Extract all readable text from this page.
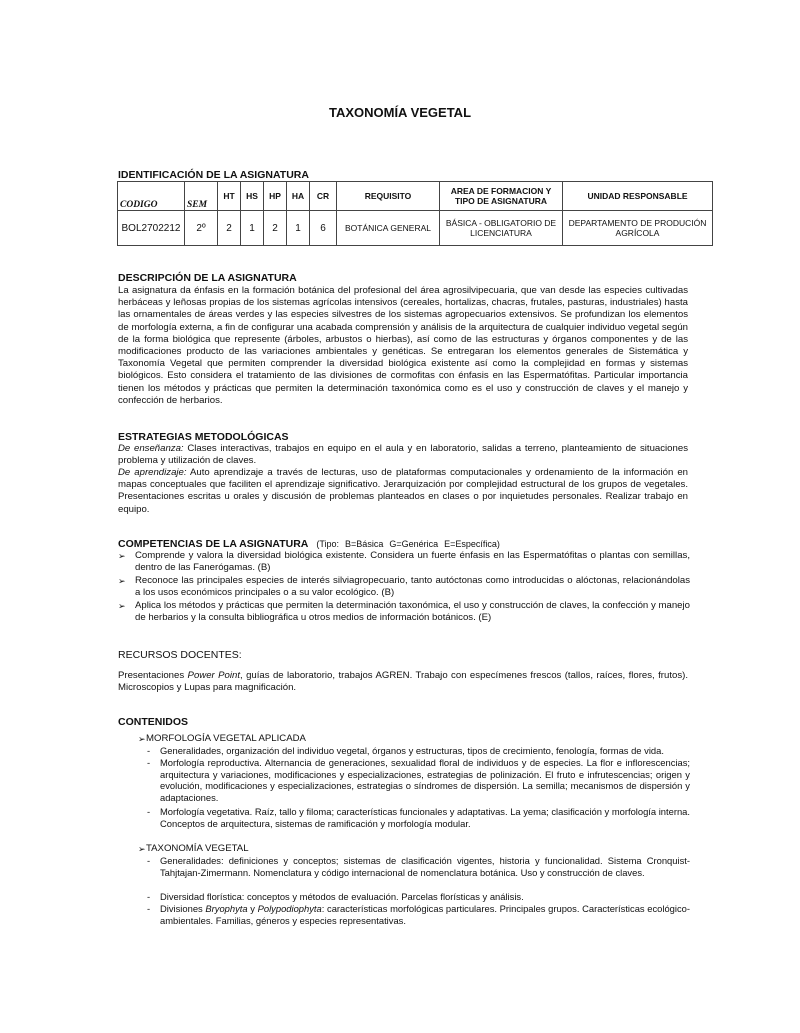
TAXONOMÍA VEGETAL
IDENTIFICACIÓN DE LA ASIGNATURA
CODIGO	SEM	HT	HS	HP	HA	CR	REQUISITO	AREA DE FORMACION Y TIPO DE ASIGNATURA	UNIDAD RESPONSABLE
BOL2702212	2º	2	1	2	1	6	BOTÁNICA GENERAL	BÁSICA - OBLIGATORIO DE LICENCIATURA	DEPARTAMENTO DE PRODUCIÓN AGRÍCOLA
DESCRIPCIÓN DE LA ASIGNATURA

La asignatura da énfasis en la formación botánica del profesional del área agrosilvipecuaria, que van desde las especies cultivadas herbáceas y leñosas propias de los sistemas agrícolas intensivos (cereales, hortalizas, chacras, frutales, pasturas, industriales) hasta las ornamentales de áreas verdes y las especies silvestres de los sistemas agropecuarios extensivos. Se profundizan los elementos de morfología externa, a fin de configurar una acabada comprensión y análisis de la arquitectura de cualquier individuo vegetal según de la forma biológica que represente (árboles, arbustos o hierbas), así como de las estructuras y órganos componentes y de las modificaciones producto de las variaciones ambientales y genéticas. Se entregaran los elementos generales de Sistemática y Taxonomía Vegetal que permiten comprender la diversidad biológica existente así como la complejidad en formas y sistemas biológicos. Esto considera el tratamiento de las divisiones de cormofitas con énfasis en las Espermatófitas. Particular importancia tienen los métodos y prácticas que permiten la determinación taxonómica como es el uso y construcción de claves y el manejo y confección de herbarios.

ESTRATEGIAS METODOLÓGICAS

De enseñanza: Clases interactivas, trabajos en equipo en el aula y en laboratorio, salidas a terreno, planteamiento de situaciones problema y utilización de claves.

De aprendizaje: Auto aprendizaje a través de lecturas, uso de plataformas computacionales y ordenamiento de la información en mapas conceptuales que faciliten el aprendizaje significativo. Jerarquización por complejidad estructural de los grupos de vegetales. Presentaciones escritas u orales y discusión de problemas planteados en clases o por inquietudes personales. Realizar trabajo en equipo.

COMPETENCIAS DE LA ASIGNATURA (Tipo: B=Básica G=Genérica E=Específica)
➢ Comprende y valora la diversidad biológica existente. Considera un fuerte énfasis en las Espermatófitas o plantas con semillas, dentro de las Fanerógamas. (B)
➢ Reconoce las principales especies de interés silviagropecuario, tanto autóctonas como introducidas o alóctonas, relacionándolas a los usos económicos principales o a su valor ecológico. (B)
➢ Aplica los métodos y prácticas que permiten la determinación taxonómica, el uso y construcción de claves, la confección y manejo de herbarios y la consulta bibliográfica u otros medios de información botánicos. (E)
RECURSOS DOCENTES:

Presentaciones Power Point, guías de laboratorio, trabajos AGREN. Trabajo con especímenes frescos (tallos, raíces, flores, frutos). Microscopios y Lupas para magnificación.

CONTENIDOS
➢ MORFOLOGÍA VEGETAL APLICADA
- Generalidades, organización del individuo vegetal, órganos y estructuras, tipos de crecimiento, fenología, formas de vida.
- Morfología reproductiva. Alternancia de generaciones, sexualidad floral de individuos y de especies. La flor e inflorescencias; arquitectura y variaciones, modificaciones y especializaciones, estrategias de polinización. El fruto e infrutescencias; origen y evolución, modificaciones y especializaciones, estrategias o síndromes de dispersión. La semilla; mecanismos de dispersión y adaptaciones.
- Morfología vegetativa. Raíz, tallo y filoma; características funcionales y adaptativas. La yema; clasificación y morfología interna. Conceptos de arquitectura, sistemas de ramificación y morfología modular.
➢ TAXONOMÍA VEGETAL
- Generalidades: definiciones y conceptos; sistemas de clasificación vigentes, historia y funcionalidad. Sistema Cronquist-Tahjtajan-Zimermann. Nomenclatura y código internacional de nomenclatura botánica. Uso y construcción de claves.
- Diversidad florística: conceptos y métodos de evaluación. Parcelas florísticas y análisis.
- Divisiones Bryophyta y Polypodiophyta: características morfológicas particulares. Principales grupos. Características ecológico-ambientales. Familias, géneros y especies representativas.
